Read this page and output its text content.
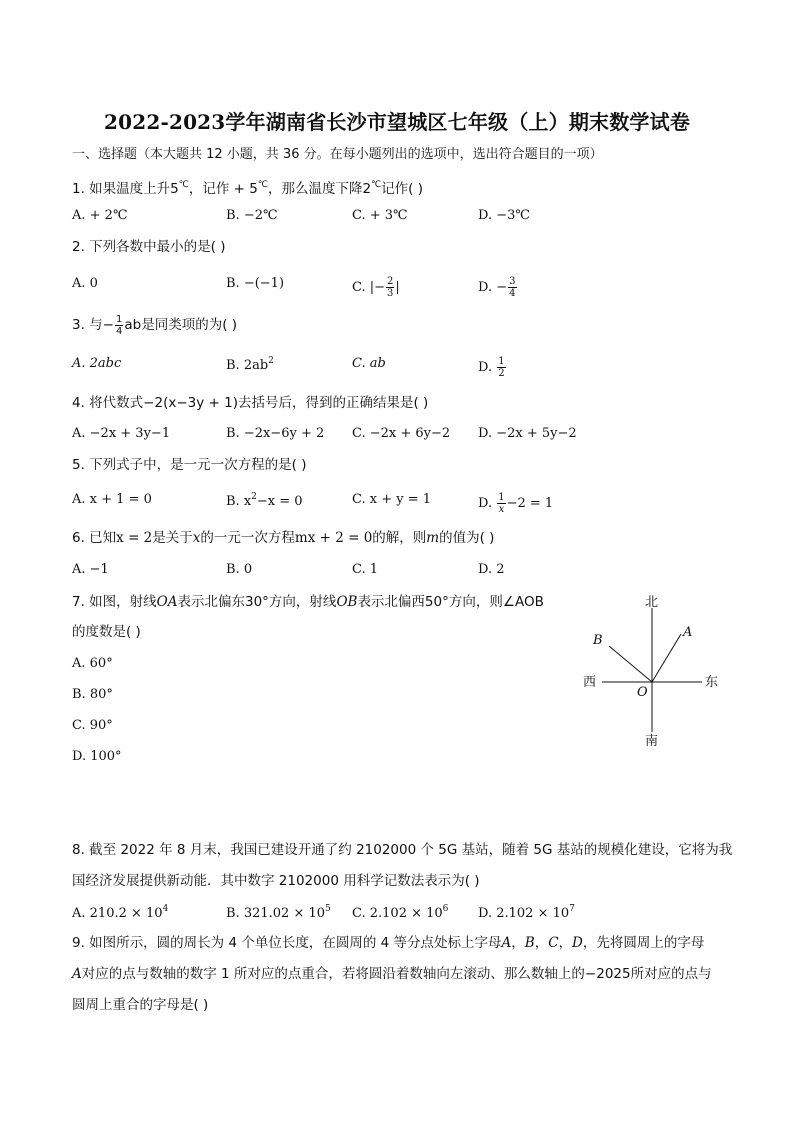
2022-2023学年湖南省长沙市望城区七年级（上）期末数学试卷
一、选择题（本大题共 12 小题，共 36 分。在每小题列出的选项中，选出符合题目的一项）
1. 如果温度上升5℃，记作 + 5℃，那么温度下降2℃记作( )
A. + 2℃	B. −2℃	C. + 3℃	D. −3℃
2. 下列各数中最小的是( )
A. 0	B. −(−1)	C. |− $\frac{2}{3}$ |	D. − $\frac{3}{4}$
3. 与− $\frac{1}{4}$ ab是同类项的为( )
A. 2abc	B. $2ab^2$	C. ab	D. $\frac{1}{2}$
4. 将代数式−2(x−3y + 1)去括号后，得到的正确结果是( )
A. −2x + 3y−1	B. −2x−6y + 2 C. −2x + 6y−2 D. −2x + 5y−2
5. 下列式子中，是一元一次方程的是( )
A. x + 1 = 0	B. $x^2-x = 0$	C. x + y = 1	D. $\frac{1}{x} -2 = 1$
6. 已知x = 2是关于x的一元一次方程mx + 2 = 0的解，则m的值为( )
A. −1	B. 0	C. 1	D. 2
7. 如图，射线OA表示北偏东30°方向，射线OB表示北偏西50°方向，则∠AOB
的度数是( )
A. 60°
B. 80°
C. 90°
D. 100°
北
南
西	东
O
A
B
8. 截至 2022 年 8 月末，我国已建设开通了约 2102000 个 5G 基站，随着 5G 基站的规模化建设，它将为我
国经济发展提供新动能．其中数字 2102000 用科学记数法表示为( )
A. $210.2 \times 10^4$	B. $321.02 \times 10^5$ C. $2.102 \times 10^6$ D. $2.102 \times 10^7$
9. 如图所示，圆的周长为 4 个单位长度，在圆周的 4 等分点处标上字母A，B，C，D，先将圆周上的字母
A对应的点与数轴的数字 1 所对应的点重合，若将圆沿着数轴向左滚动、那么数轴上的−2025所对应的点与
圆周上重合的字母是( )
